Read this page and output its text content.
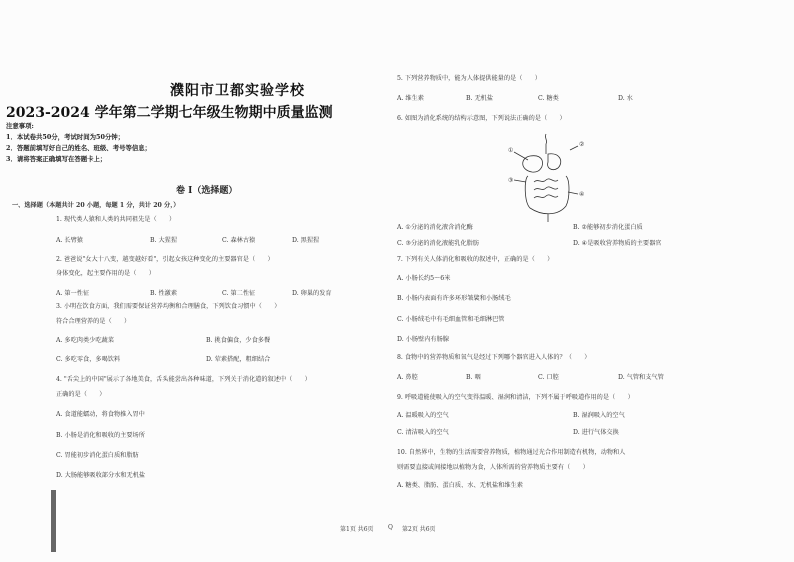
濮阳市卫都实验学校
2023-2024 学年第二学期七年级生物期中质量监测
注意事项:
1．本试卷共50分，考试时间为50分钟；
2．答题前填写好自己的姓名、班级、考号等信息；
3．请将答案正确填写在答题卡上；
卷 I（选择题）
一、选择题（本题共计 20 小题，每题 1 分，共计 20 分，）
1. 现代类人猿和人类的共同祖先是（　　）
A. 长臂猿	B. 大猩猩	C. 森林古猿	D. 黑猩猩
2. 爸爸说"女大十八变，越变越好看"，引起女孩这种变化的主要器官是（　　）
身体变化，起主要作用的是（　　）
A. 第一性征	B. 性激素	C. 第二性征	D. 卵巢的发育
3. 小明在饮食方面，我们需要保证营养均衡和合理膳食，下列饮食习惯中（　　）
符合合理营养的是（　　）
A. 多吃肉类少吃蔬菜	B. 挑食偏食，少食多餐
C. 多吃零食，多喝饮料	D. 荤素搭配，粗细结合
4. "舌尖上的中国"展示了各地美食，舌头能尝出各种味道，下列关于消化道的叙述中（　　）
正确的是（　　）
A. 食道能蠕动，将食物推入胃中
B. 小肠是消化和吸收的主要场所
C. 胃能初步消化蛋白质和脂肪
D. 大肠能够吸收部分水和无机盐
5. 下列营养物质中，能为人体提供能量的是（　　）
A. 维生素	B. 无机盐	C. 糖类	D. 水
6. 如图为消化系统的结构示意图，下列说法正确的是（　　）
①
②
③
④
A. ①分泌的消化液含消化酶	B. ②能够初步消化蛋白质
C. ③分泌的消化液能乳化脂肪	D. ④是吸收营养物质的主要器官
7. 下列有关人体消化和吸收的叙述中，正确的是（　　）
A. 小肠长约5～6米
B. 小肠内表面有许多环形皱襞和小肠绒毛
C. 小肠绒毛中有毛细血管和毛细淋巴管
D. 小肠壁内有肠腺
8. 食物中的营养物质和氧气是经过下列哪个器官进入人体的？（　　）
A. 鼻腔	B. 咽	C. 口腔	D. 气管和支气管
9. 呼吸道能使吸入的空气变得温暖、湿润和清洁，下列不属于呼吸道作用的是（　　）
A. 温暖吸入的空气	B. 湿润吸入的空气
C. 清洁吸入的空气	D. 进行气体交换
10. 自然界中，生物的生活需要营养物质，植物通过光合作用制造有机物，动物和人
则需要直接或间接地以植物为食，人体所需的营养物质主要有（　　）
A. 糖类、脂肪、蛋白质、水、无机盐和维生素
第1页 共6页 Q 第2页 共6页
